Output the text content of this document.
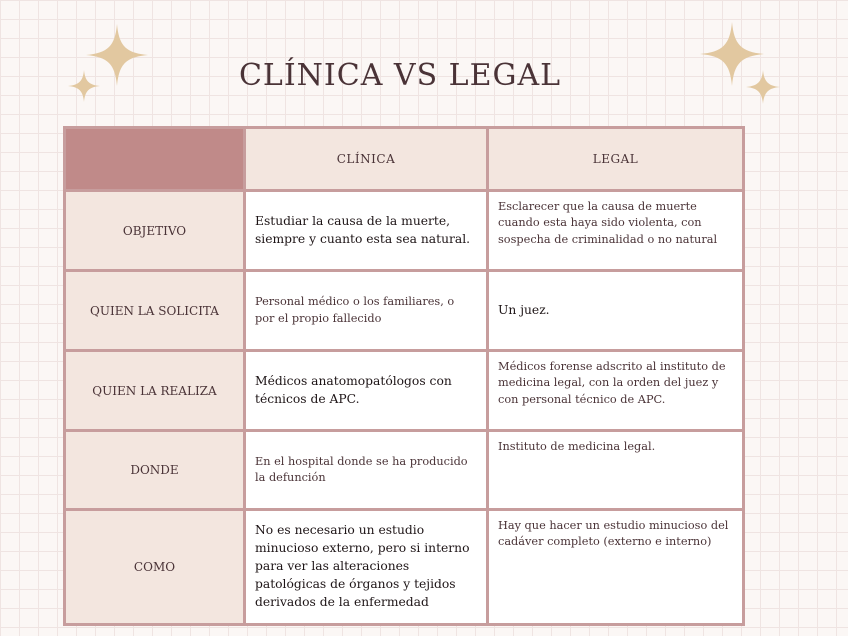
CLÍNICA VS LEGAL
	CLÍNICA	LEGAL
OBJETIVO	Estudiar la causa de la muerte, siempre y cuanto esta sea natural.	Esclarecer que la causa de muerte cuando esta haya sido violenta, con sospecha de criminalidad o no natural
QUIEN LA SOLICITA	Personal médico o los familiares, o por el propio fallecido	Un juez.
QUIEN LA REALIZA	Médicos anatomopatólogos con técnicos de APC.	Médicos forense adscrito al instituto de medicina legal, con la orden del juez y con personal técnico de APC.
DONDE	En el hospital donde se ha producido la defunción	Instituto de medicina legal.
COMO	No es necesario un estudio minucioso externo, pero si interno para ver las alteraciones patológicas de órganos y tejidos derivados de la enfermedad	Hay que hacer un estudio minucioso del cadáver completo (externo e interno)
